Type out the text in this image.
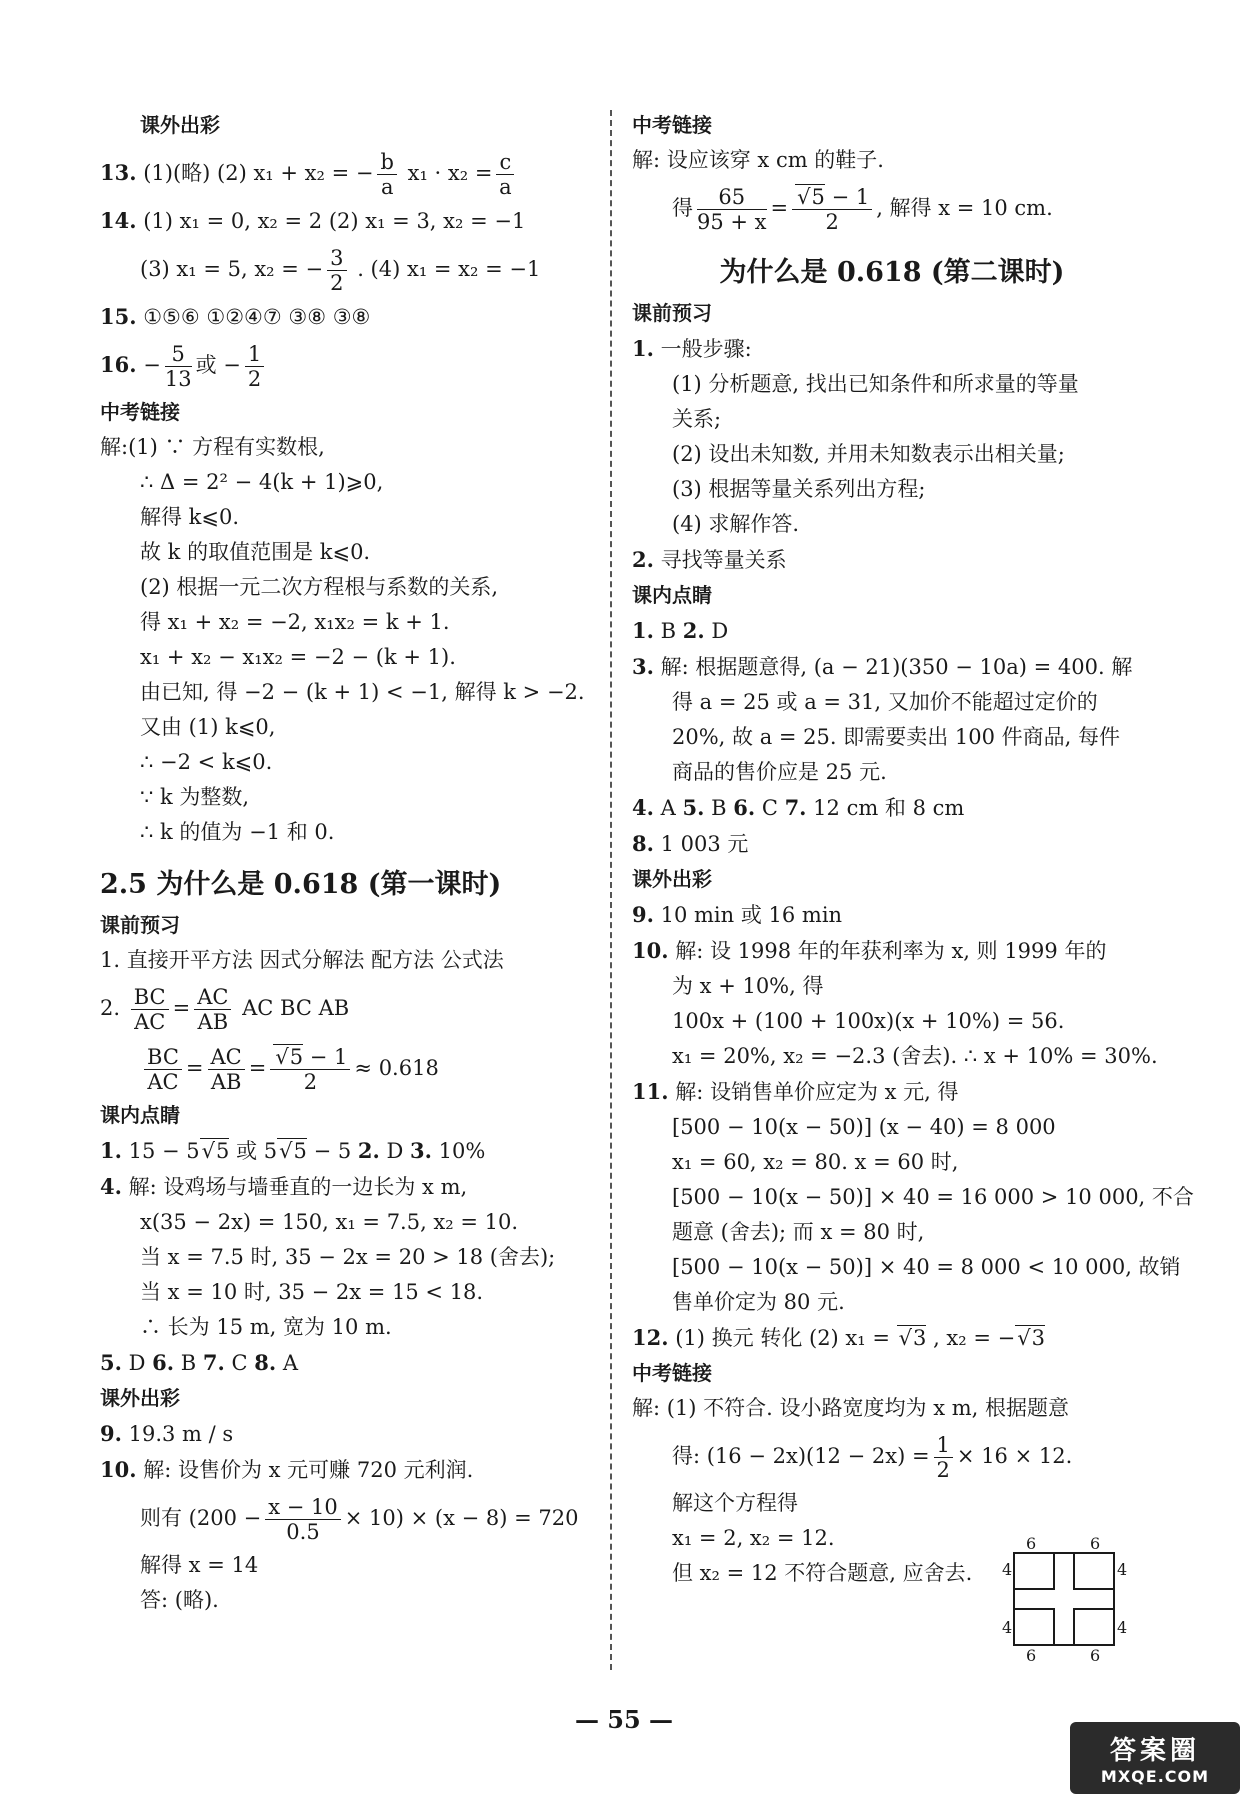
课外出彩
13. (1)(略) (2) x₁ + x₂ = − $\frac{b}{a} x_1 \cdot x_2 = \frac{c}{a}$
14. (1) x₁ = 0, x₂ = 2 (2) x₁ = 3, x₂ = −1
(3) x₁ = 5, x₂ = − $\frac{3}{2}$ . (4) x₁ = x₂ = −1
15. ①⑤⑥ ①②④⑦ ③⑧ ③⑧
16. − $\frac{5}{13}$ 或 − $\frac{1}{2}$
中考链接
解:(1) ∵ 方程有实数根,
∴ Δ = 2² − 4(k + 1)⩾0,
解得 k⩽0.
故 k 的取值范围是 k⩽0.
(2) 根据一元二次方程根与系数的关系,
得 x₁ + x₂ = −2, x₁x₂ = k + 1.
x₁ + x₂ − x₁x₂ = −2 − (k + 1).
由已知, 得 −2 − (k + 1) < −1, 解得 k > −2.
又由 (1) k⩽0,
∴ −2 < k⩽0.
∵ k 为整数,
∴ k 的值为 −1 和 0.
2.5 为什么是 0.618 (第一课时)
课前预习
1. 直接开平方法 因式分解法 配方法 公式法
2. $\frac{BC}{AC} = \frac{AC}{AB}$ AC BC AB
$\frac{BC}{AC} = \frac{AC}{AB}$ = √ $\frac{5 - 1}{2} \approx 0.618$
课内点睛
1. 15 − 5 √ 5 或 5 √ 5 − 5 2. D 3. 10%
4. 解: 设鸡场与墙垂直的一边长为 x m,
x(35 − 2x) = 150, x₁ = 7.5, x₂ = 10.
当 x = 7.5 时, 35 − 2x = 20 > 18 (舍去);
当 x = 10 时, 35 − 2x = 15 < 18.
∴ 长为 15 m, 宽为 10 m.
5. D 6. B 7. C 8. A
课外出彩
9. 19.3 m / s
10. 解: 设售价为 x 元可赚 720 元利润.
则有 $(200 - \frac{x - 10}{0.5} \times 10) \times (x - 8) = 720$
解得 x = 14
答: (略).
中考链接
解: 设应该穿 x cm 的鞋子.
得 $\frac{65}{95 + x}$ = √ $\frac{5 - 1}{2}$ , 解得 x = 10 cm.
为什么是 0.618 (第二课时)
课前预习
1. 一般步骤:
(1) 分析题意, 找出已知条件和所求量的等量
关系;
(2) 设出未知数, 并用未知数表示出相关量;
(3) 根据等量关系列出方程;
(4) 求解作答.
2. 寻找等量关系
课内点睛
1. B 2. D
3. 解: 根据题意得, (a − 21)(350 − 10a) = 400. 解
得 a = 25 或 a = 31, 又加价不能超过定价的
20%, 故 a = 25. 即需要卖出 100 件商品, 每件
商品的售价应是 25 元.
4. A 5. B 6. C 7. 12 cm 和 8 cm
8. 1 003 元
课外出彩
9. 10 min 或 16 min
10. 解: 设 1998 年的年获利率为 x, 则 1999 年的
为 x + 10%, 得
100x + (100 + 100x)(x + 10%) = 56.
x₁ = 20%, x₂ = −2.3 (舍去). ∴ x + 10% = 30%.
11. 解: 设销售单价应定为 x 元, 得
[500 − 10(x − 50)] (x − 40) = 8 000
x₁ = 60, x₂ = 80. x = 60 时,
[500 − 10(x − 50)] × 40 = 16 000 > 10 000, 不合
题意 (舍去); 而 x = 80 时,
[500 − 10(x − 50)] × 40 = 8 000 < 10 000, 故销
售单价定为 80 元.
12. (1) 换元 转化 (2) x₁ = √ 3 , x₂ = − √ 3
中考链接
解: (1) 不符合. 设小路宽度均为 x m, 根据题意
得: $(16 - 2x)(12 - 2x) = \frac{1}{2} \times 16 \times 12$.
解这个方程得
x₁ = 2, x₂ = 12.
但 x₂ = 12 不符合题意, 应舍去.
6	6
4
4
4
4
6	6
— 55 —
答案圈
MXQE.COM
